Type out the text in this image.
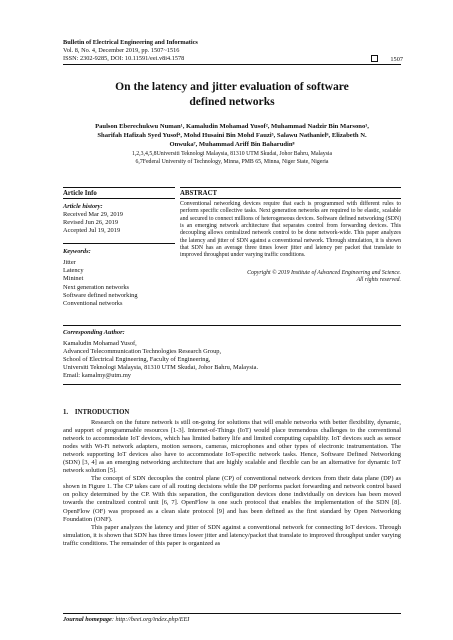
Bulletin of Electrical Engineering and Informatics
Vol. 8, No. 4, December 2019, pp. 1507~1516
ISSN: 2302-9285, DOI: 10.11591/eei.v8i4.1578	1507
On the latency and jitter evaluation of software
defined networks
Paulson Eberechukwu Numan¹, Kamaludin Mohamad Yusof², Muhammad Nadzir Bin Marsono³,
Sharifah Hafizah Syed Yusof⁴, Mohd Husaini Bin Mohd Fauzi⁵, Salawu Nathaniel⁶, Elizabeth N.
Onwuka⁷, Muhammad Ariff Bin Baharudin⁸
1,2,3,4,5,8Universiti Teknologi Malaysia, 81310 UTM Skudai, Johor Bahru, Malaysia
6,7Federal University of Technology, Minna, PMB 65, Minna, Niger State, Nigeria
Article Info
Article history:
Received Mar 29, 2019
Revised Jun 26, 2019
Accepted Jul 19, 2019
Keywords:
Jitter
Latency
Mininet
Next generation networks
Software defined networking
Conventional networks
ABSTRACT
Conventional networking devices require that each is programmed with different rules to perform specific collective tasks. Next generation networks are required to be elastic, scalable and secured to connect millions of heterogeneous devices. Software defined networking (SDN) is an emerging network architecture that separates control from forwarding devices. This decoupling allows centralized network control to be done network-wide. This paper analyzes the latency and jitter of SDN against a conventional network. Through simulation, it is shown that SDN has an average three times lower jitter and latency per packet that translate to improved throughput under varying traffic conditions.
Copyright © 2019 Institute of Advanced Engineering and Science.
All rights reserved.
Corresponding Author:
Kamaludin Mohamad Yusof,
Advanced Telecommunication Technologies Research Group,
School of Electrical Engineering, Faculty of Engineering,
Universiti Teknologi Malaysia, 81310 UTM Skudai, Johor Bahru, Malaysia.
Email: kamalmy@utm.my
1.    INTRODUCTION

Research on the future network is still on-going for solutions that will enable networks with better flexibility, dynamic, and support of programmable resources [1-3]. Internet-of-Things (IoT) would place tremendous challenges to the conventional network to accommodate IoT devices, which has limited battery life and limited computing capability. IoT devices such as sensor nodes with Wi-Fi network adapters, motion sensors, cameras, microphones and other types of electronic instrumentation. The network supporting IoT devices also have to accommodate IoT-specific network tasks. Hence, Software Defined Networking (SDN) [3, 4] as an emerging networking architecture that are highly scalable and flexible can be an alternative for dynamic IoT network solution [5].

The concept of SDN decouples the control plane (CP) of conventional network devices from their data plane (DP) as shown in Figure 1. The CP takes care of all routing decisions while the DP performs packet forwarding and network control based on policy determined by the CP. With this separation, the configuration devices done individually on devices has been moved towards the centralized control unit [6, 7]. OpenFlow is one such protocol that enables the implementation of the SDN [8]. OpenFlow (OF) was proposed as a clean slate protocol [9] and has been defined as the first standard by Open Networking Foundation (ONF).

This paper analyzes the latency and jitter of SDN against a conventional network for connecting IoT devices. Through simulation, it is shown that SDN has three times lower jitter and latency/packet that translate to improved throughput under varying traffic conditions. The remainder of this paper is organized as

Journal homepage: http://beei.org/index.php/EEI
